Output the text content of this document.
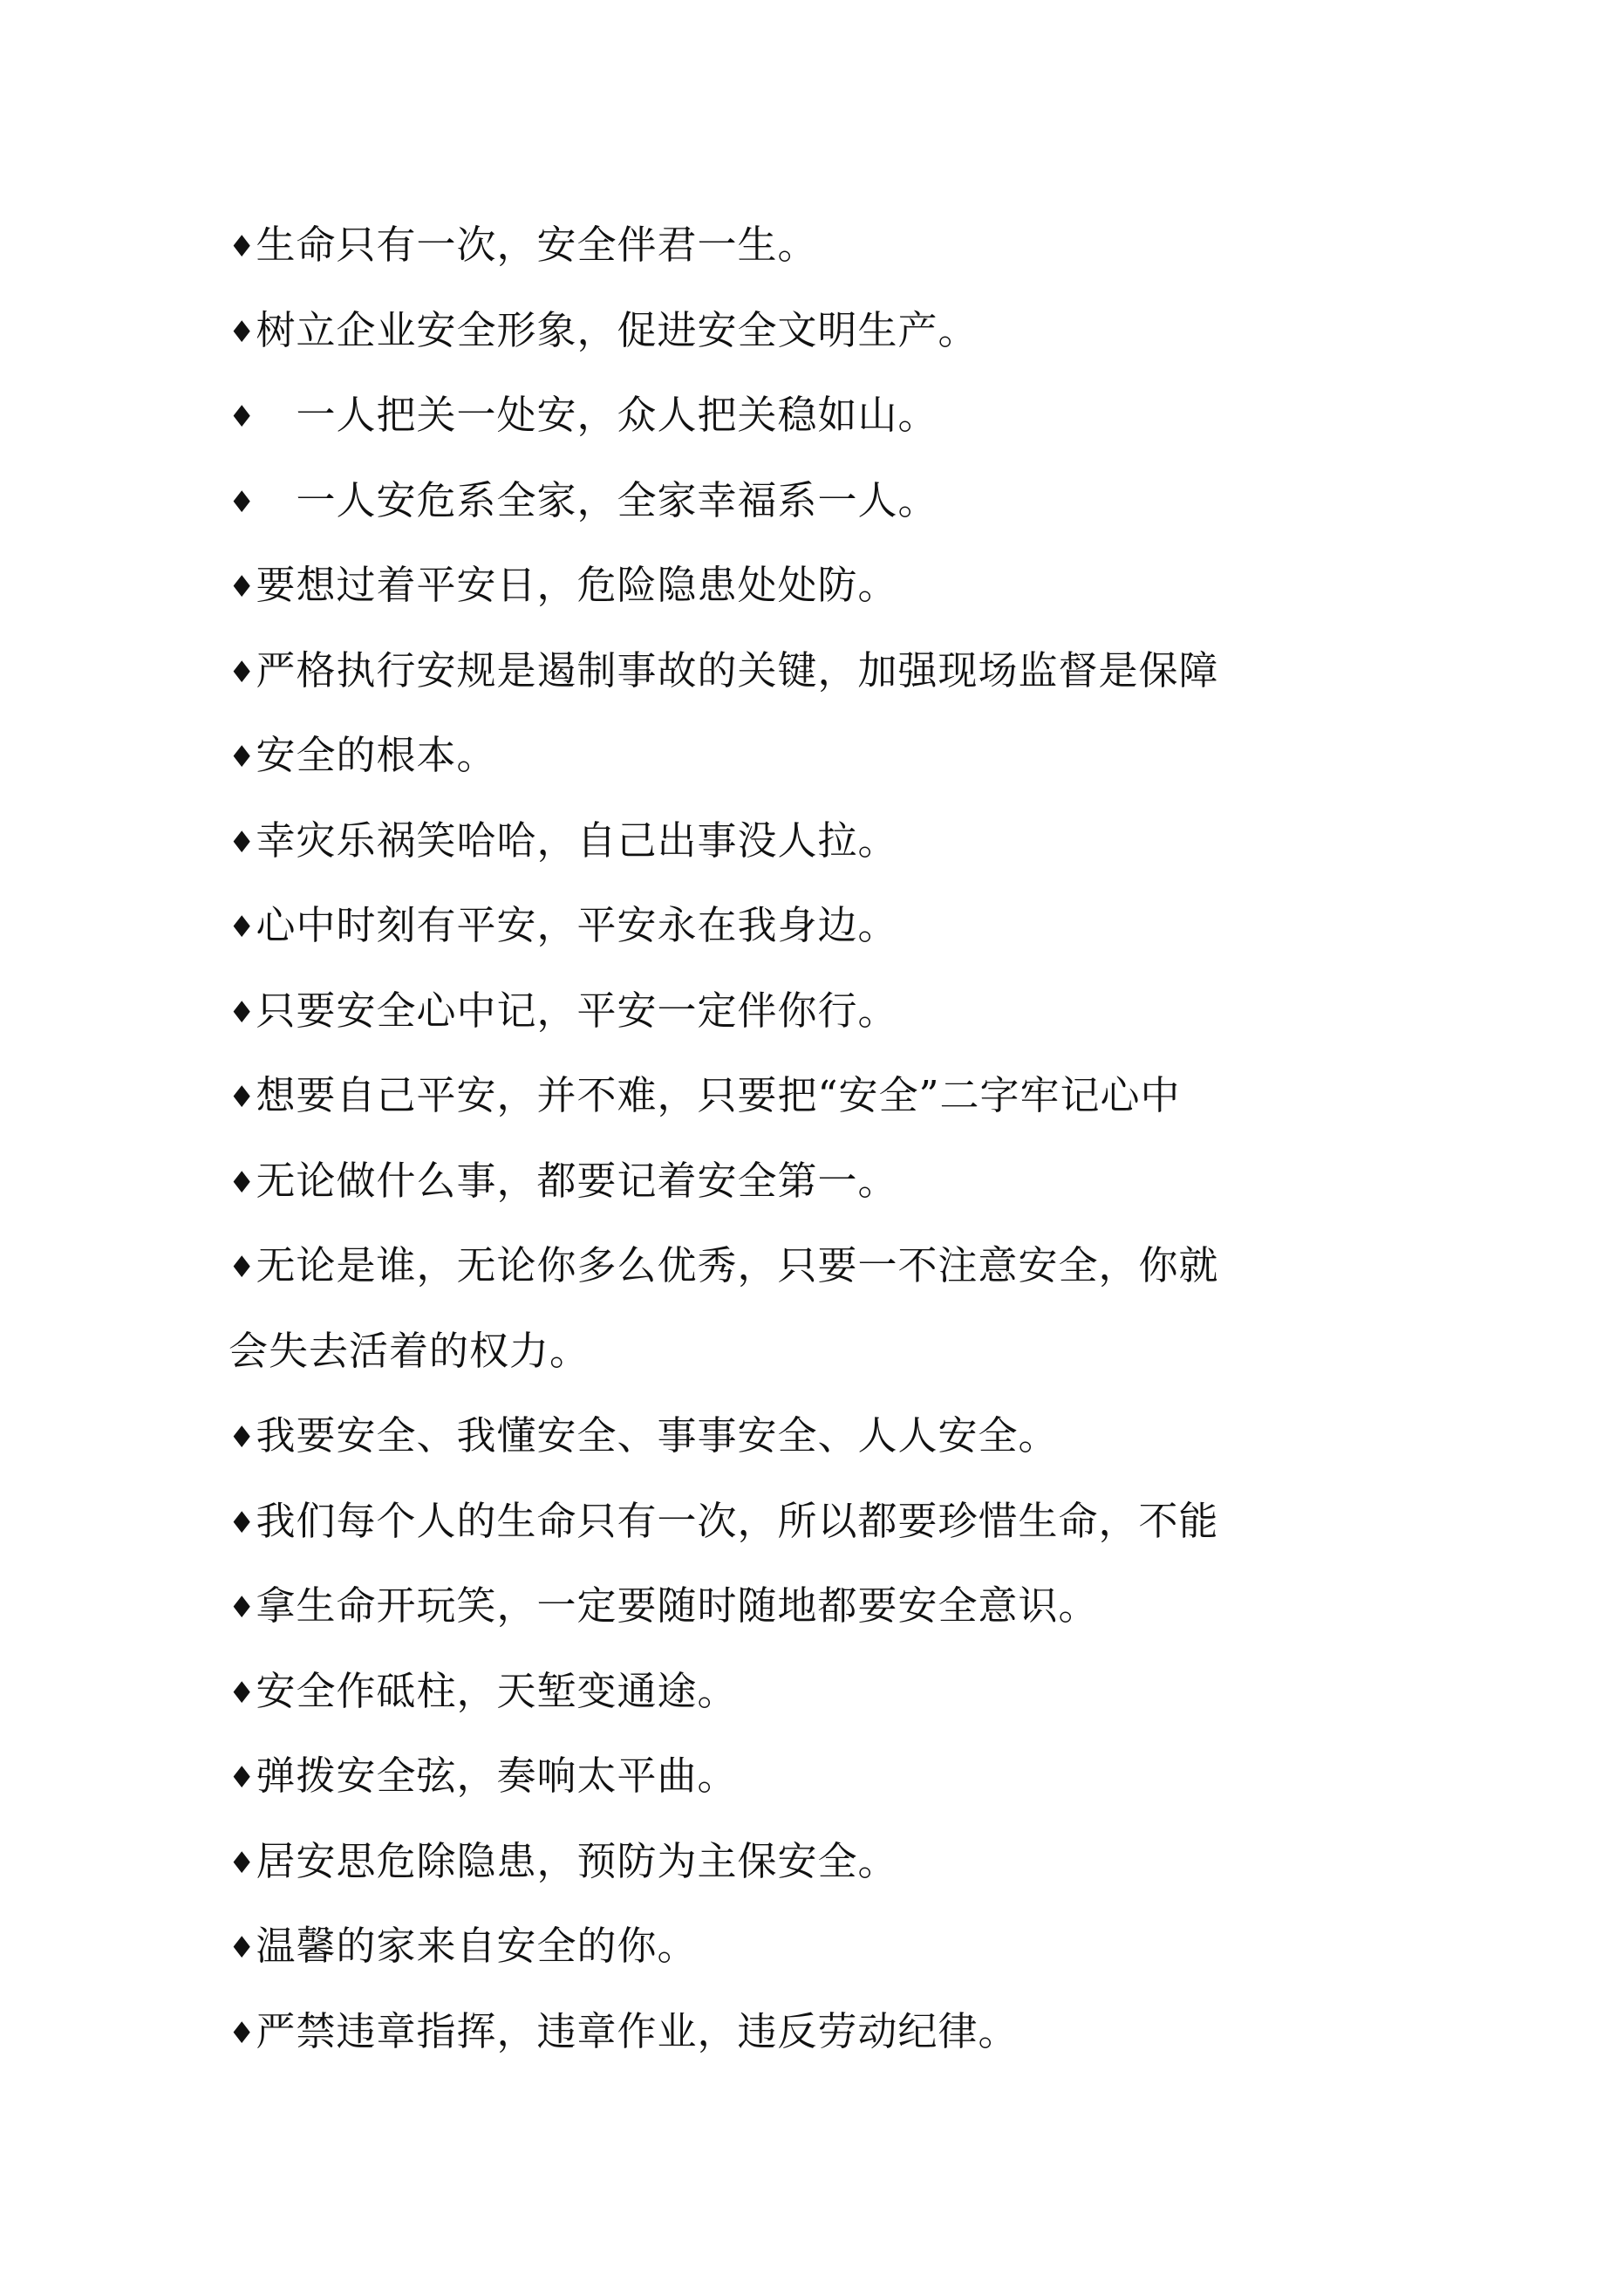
♦生命只有一次，安全伴君一生。
♦树立企业安全形象，促进安全文明生产。
♦ 一人把关一处安，众人把关稳如山。
♦ 一人安危系全家，全家幸福系一人。
♦要想过着平安日，危险隐患处处防。
♦严格执行安规是遏制事故的关键，加强现场监督是保障
♦安全的根本。
♦幸灾乐祸笑哈哈，自己出事没人拉。
♦心中时刻有平安，平安永在我身边。
♦只要安全心中记，平安一定伴你行。
♦想要自己平安，并不难，只要把“安全”二字牢记心中
♦无论做什么事，都要记着安全第一。
♦无论是谁，无论你多么优秀，只要一不注意安全，你就
会失去活着的权力。
♦我要安全、我懂安全、事事安全、人人安全。
♦我们每个人的生命只有一次，所以都要珍惜生命，不能
♦拿生命开玩笑，一定要随时随地都要安全意识。
♦安全作砥柱，天堑变通途。
♦弹拨安全弦，奏响太平曲。
♦居安思危除隐患，预防为主保安全。
♦温馨的家来自安全的你。
♦严禁违章指挥，违章作业，违反劳动纪律。
